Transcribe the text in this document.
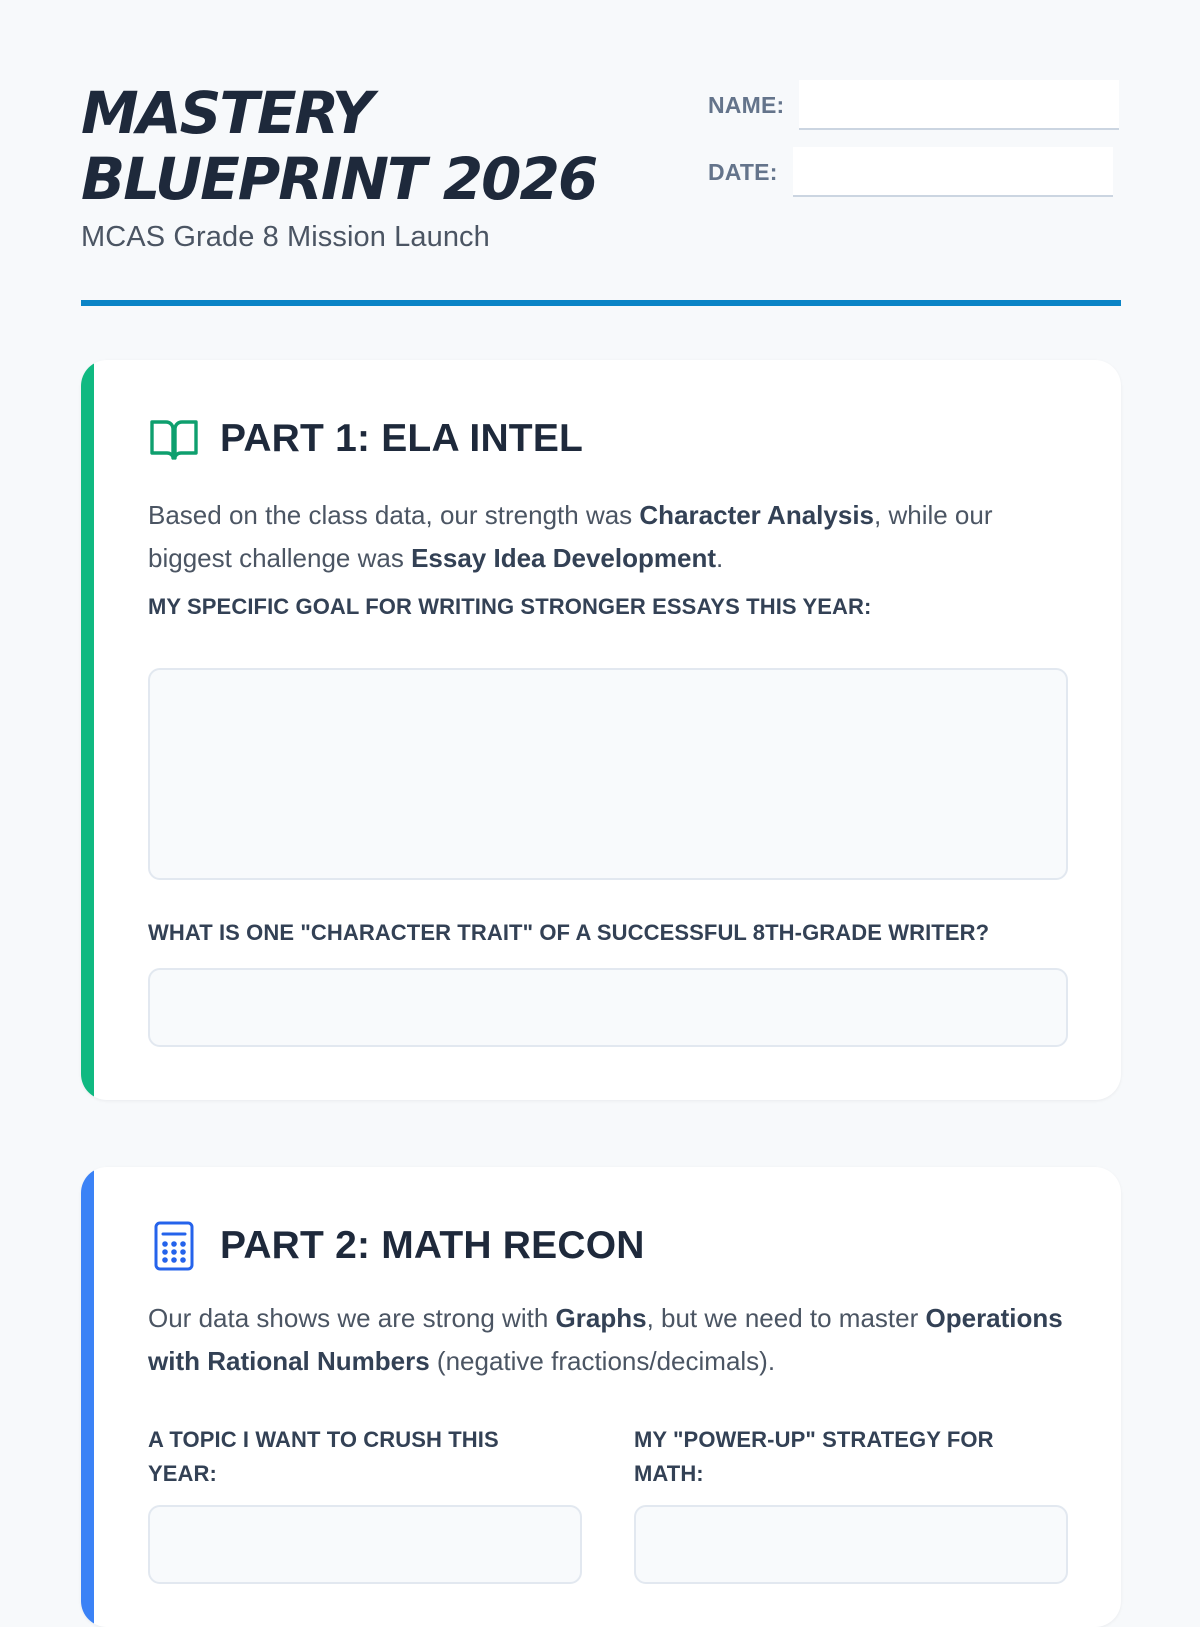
MASTERY
BLUEPRINT 2026

MCAS Grade 8 Mission Launch

NAME:
DATE:
PART 1: ELA INTEL

Based on the class data, our strength was Character Analysis, while our biggest challenge was Essay Idea Development.

MY SPECIFIC GOAL FOR WRITING STRONGER ESSAYS THIS YEAR:

WHAT IS ONE "CHARACTER TRAIT" OF A SUCCESSFUL 8TH-GRADE WRITER?

PART 2: MATH RECON

Our data shows we are strong with Graphs, but we need to master Operations with Rational Numbers (negative fractions/decimals).

A TOPIC I WANT TO CRUSH THIS YEAR:

MY "POWER-UP" STRATEGY FOR MATH:
